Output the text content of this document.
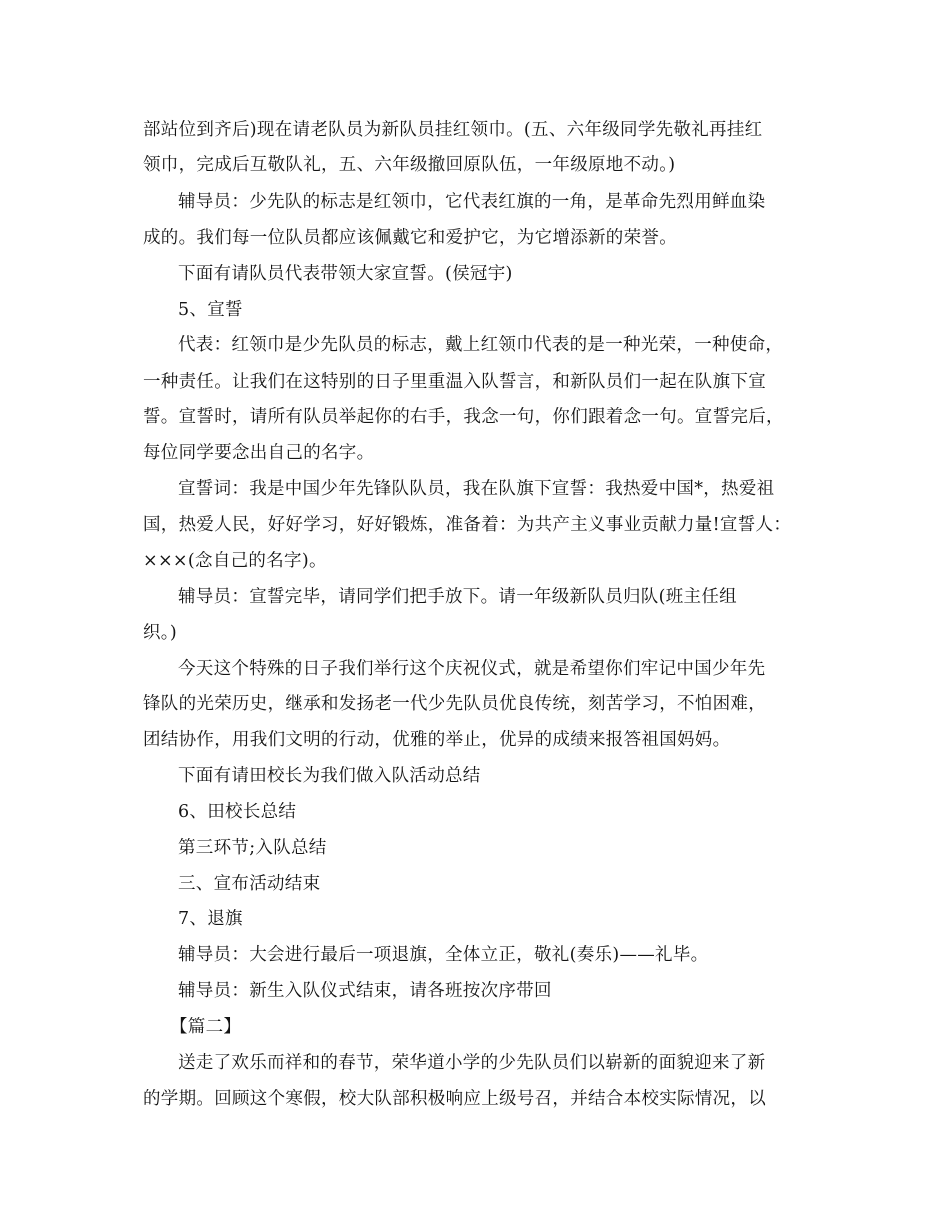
部站位到齐后)现在请老队员为新队员挂红领巾。(五、六年级同学先敬礼再挂红
领巾，完成后互敬队礼，五、六年级撤回原队伍，一年级原地不动。)
辅导员：少先队的标志是红领巾，它代表红旗的一角，是革命先烈用鲜血染
成的。我们每一位队员都应该佩戴它和爱护它，为它增添新的荣誉。
下面有请队员代表带领大家宣誓。(侯冠宇)
5、宣誓
代表：红领巾是少先队员的标志，戴上红领巾代表的是一种光荣，一种使命，
一种责任。让我们在这特别的日子里重温入队誓言，和新队员们一起在队旗下宣
誓。宣誓时，请所有队员举起你的右手，我念一句，你们跟着念一句。宣誓完后，
每位同学要念出自己的名字。
宣誓词：我是中国少年先锋队队员，我在队旗下宣誓：我热爱中国*，热爱祖
国，热爱人民，好好学习，好好锻炼，准备着：为共产主义事业贡献力量!宣誓人：
×××(念自己的名字)。
辅导员：宣誓完毕，请同学们把手放下。请一年级新队员归队(班主任组
织。)
今天这个特殊的日子我们举行这个庆祝仪式，就是希望你们牢记中国少年先
锋队的光荣历史，继承和发扬老一代少先队员优良传统，刻苦学习，不怕困难，
团结协作，用我们文明的行动，优雅的举止，优异的成绩来报答祖国妈妈。
下面有请田校长为我们做入队活动总结
6、田校长总结
第三环节;入队总结
三、宣布活动结束
7、退旗
辅导员：大会进行最后一项退旗，全体立正，敬礼(奏乐)——礼毕。
辅导员：新生入队仪式结束，请各班按次序带回
【篇二】
送走了欢乐而祥和的春节，荣华道小学的少先队员们以崭新的面貌迎来了新
的学期。回顾这个寒假，校大队部积极响应上级号召，并结合本校实际情况，以
